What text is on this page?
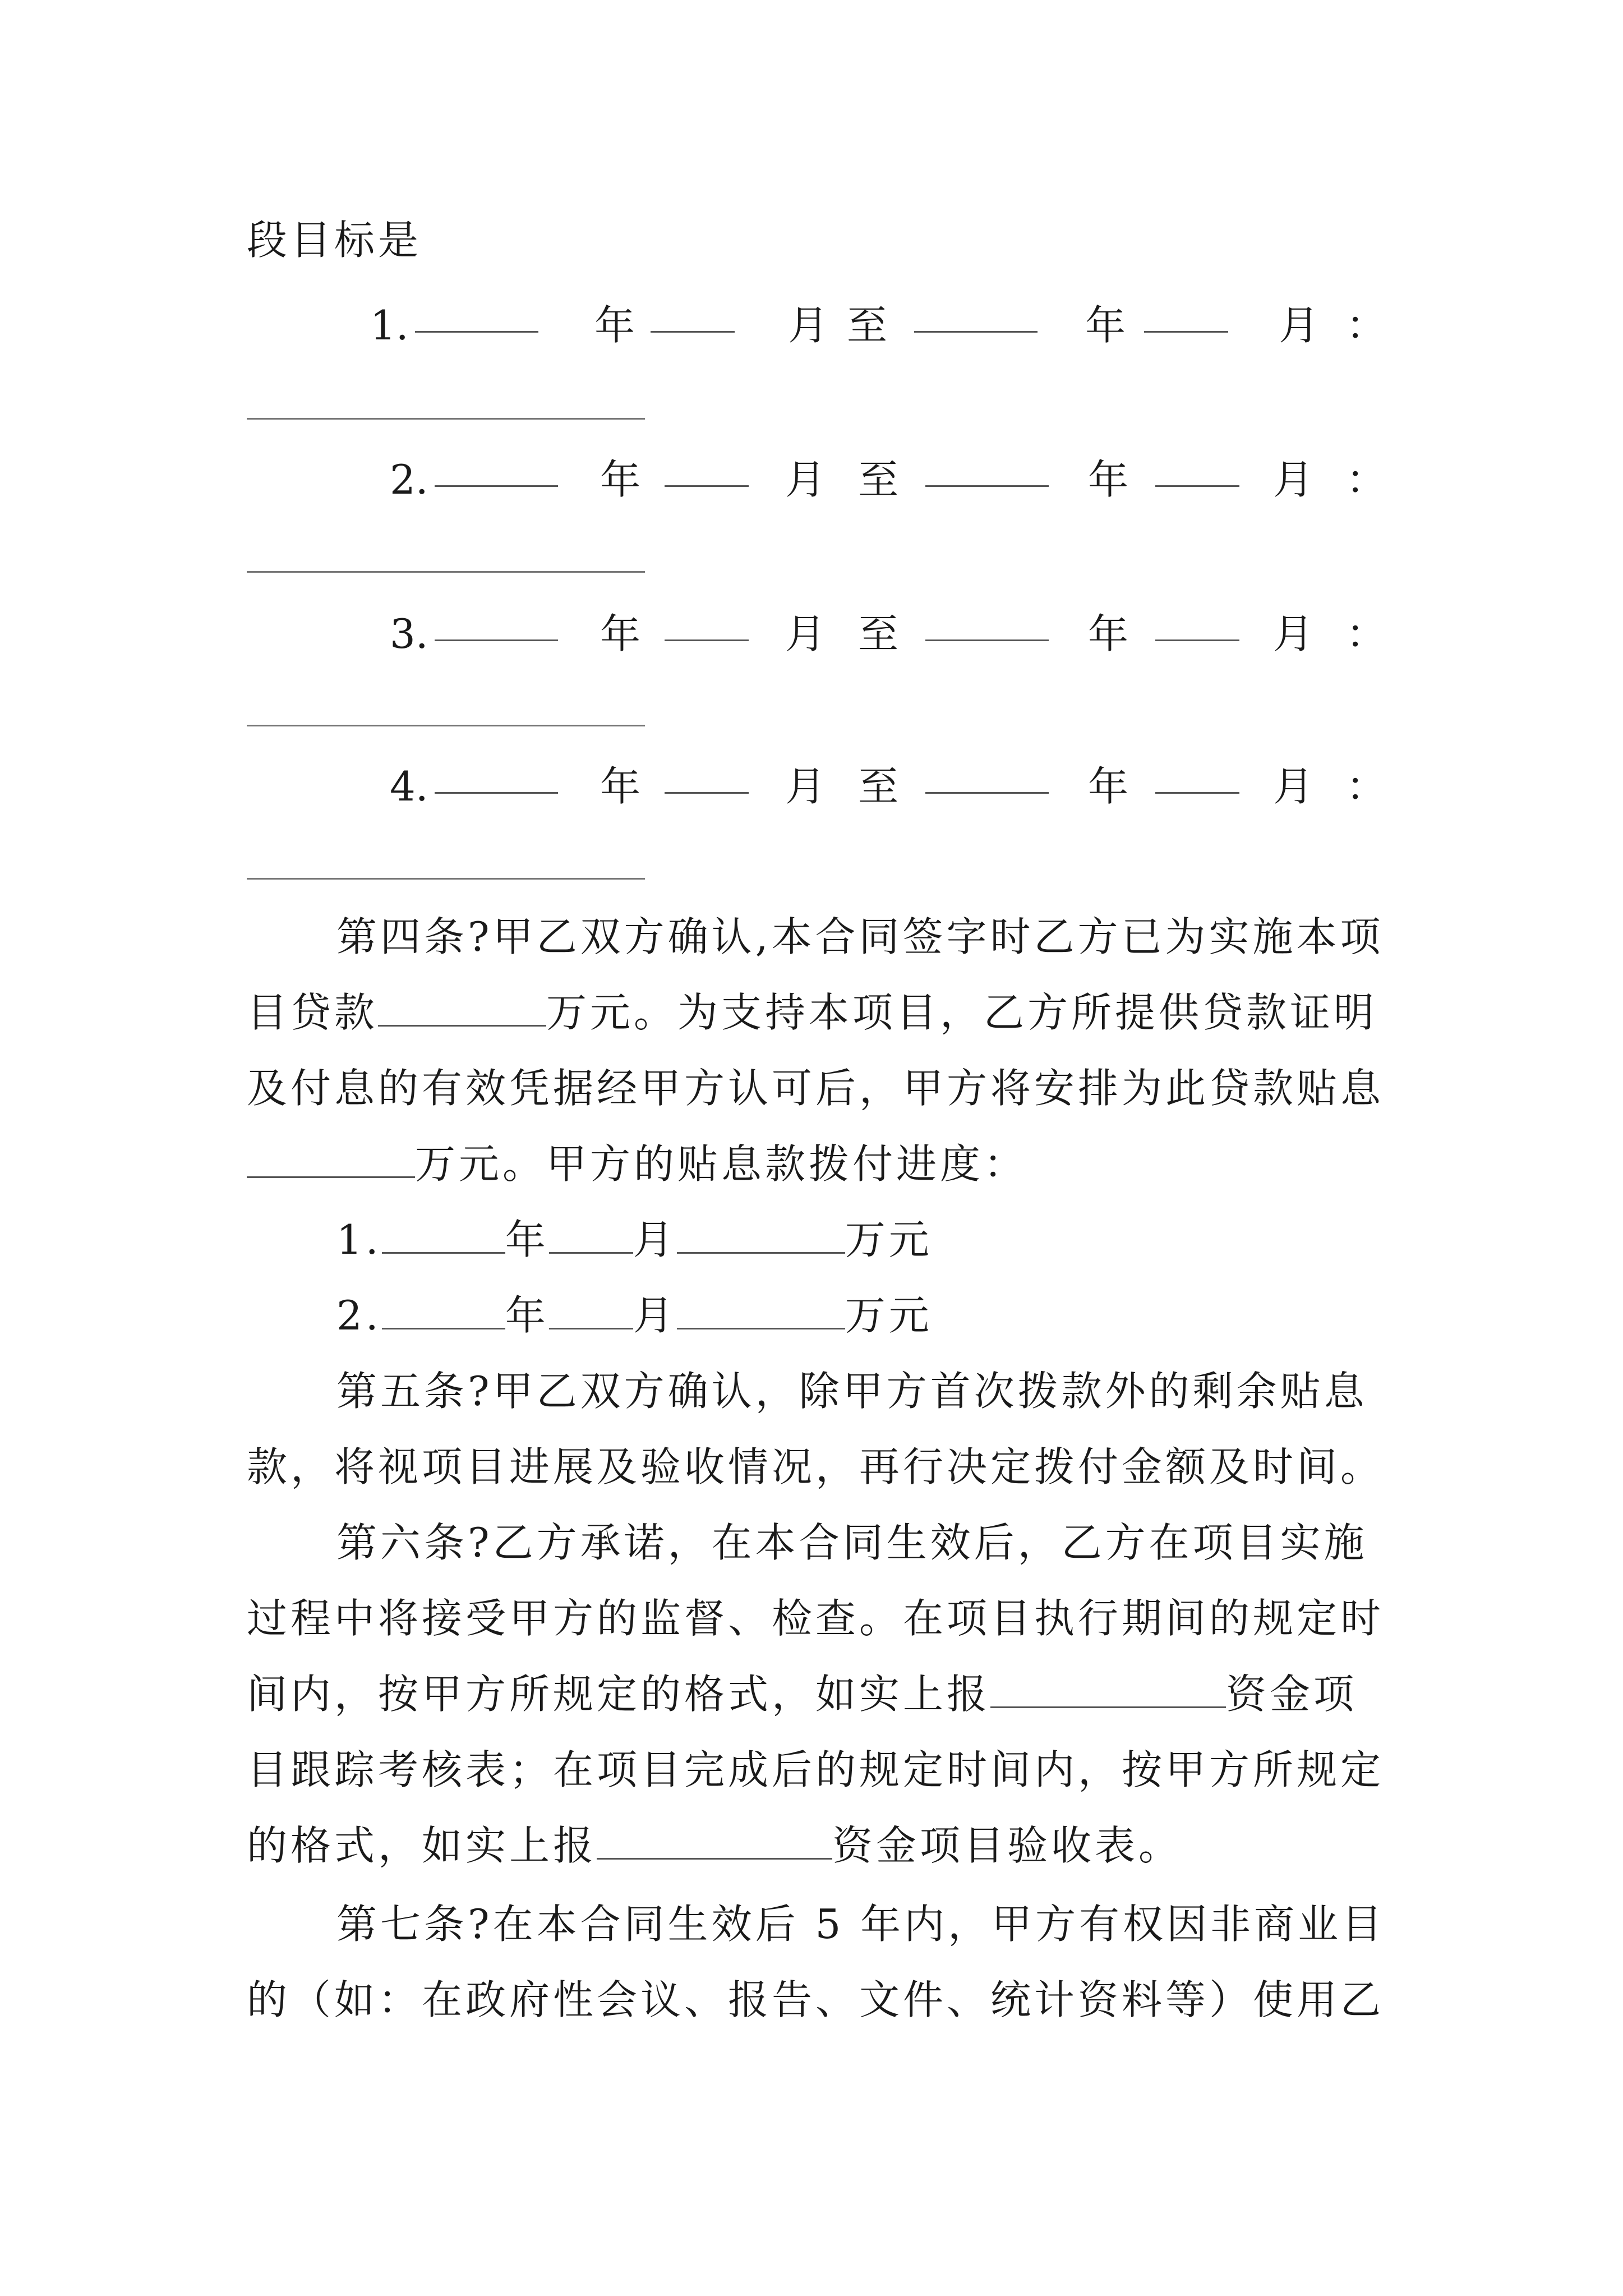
段目标是
1.	年	月 至	年	月 ：
2.	年	月 至	年	月 ：
3.	年	月 至	年	月 ：
4.	年	月 至	年	月 ：
第四条?甲乙双方确认,本合同签字时乙方已为实施本项
目贷款	万元。为支持本项目，乙方所提供贷款证明
及付息的有效凭据经甲方认可后，甲方将安排为此贷款贴息
万元。甲方的贴息款拨付进度：
1.	年 月	万元
2.	年 月	万元
第五条?甲乙双方确认，除甲方首次拨款外的剩余贴息
款，将视项目进展及验收情况，再行决定拨付金额及时间。
第六条?乙方承诺，在本合同生效后，乙方在项目实施
过程中将接受甲方的监督、检查。在项目执行期间的规定时
间内，按甲方所规定的格式，如实上报	资金项
目跟踪考核表；在项目完成后的规定时间内，按甲方所规定
的格式，如实上报	资金项目验收表。
第七条?在本合同生效后 5 年内，甲方有权因非商业目
的（如：在政府性会议、报告、文件、统计资料等）使用乙
